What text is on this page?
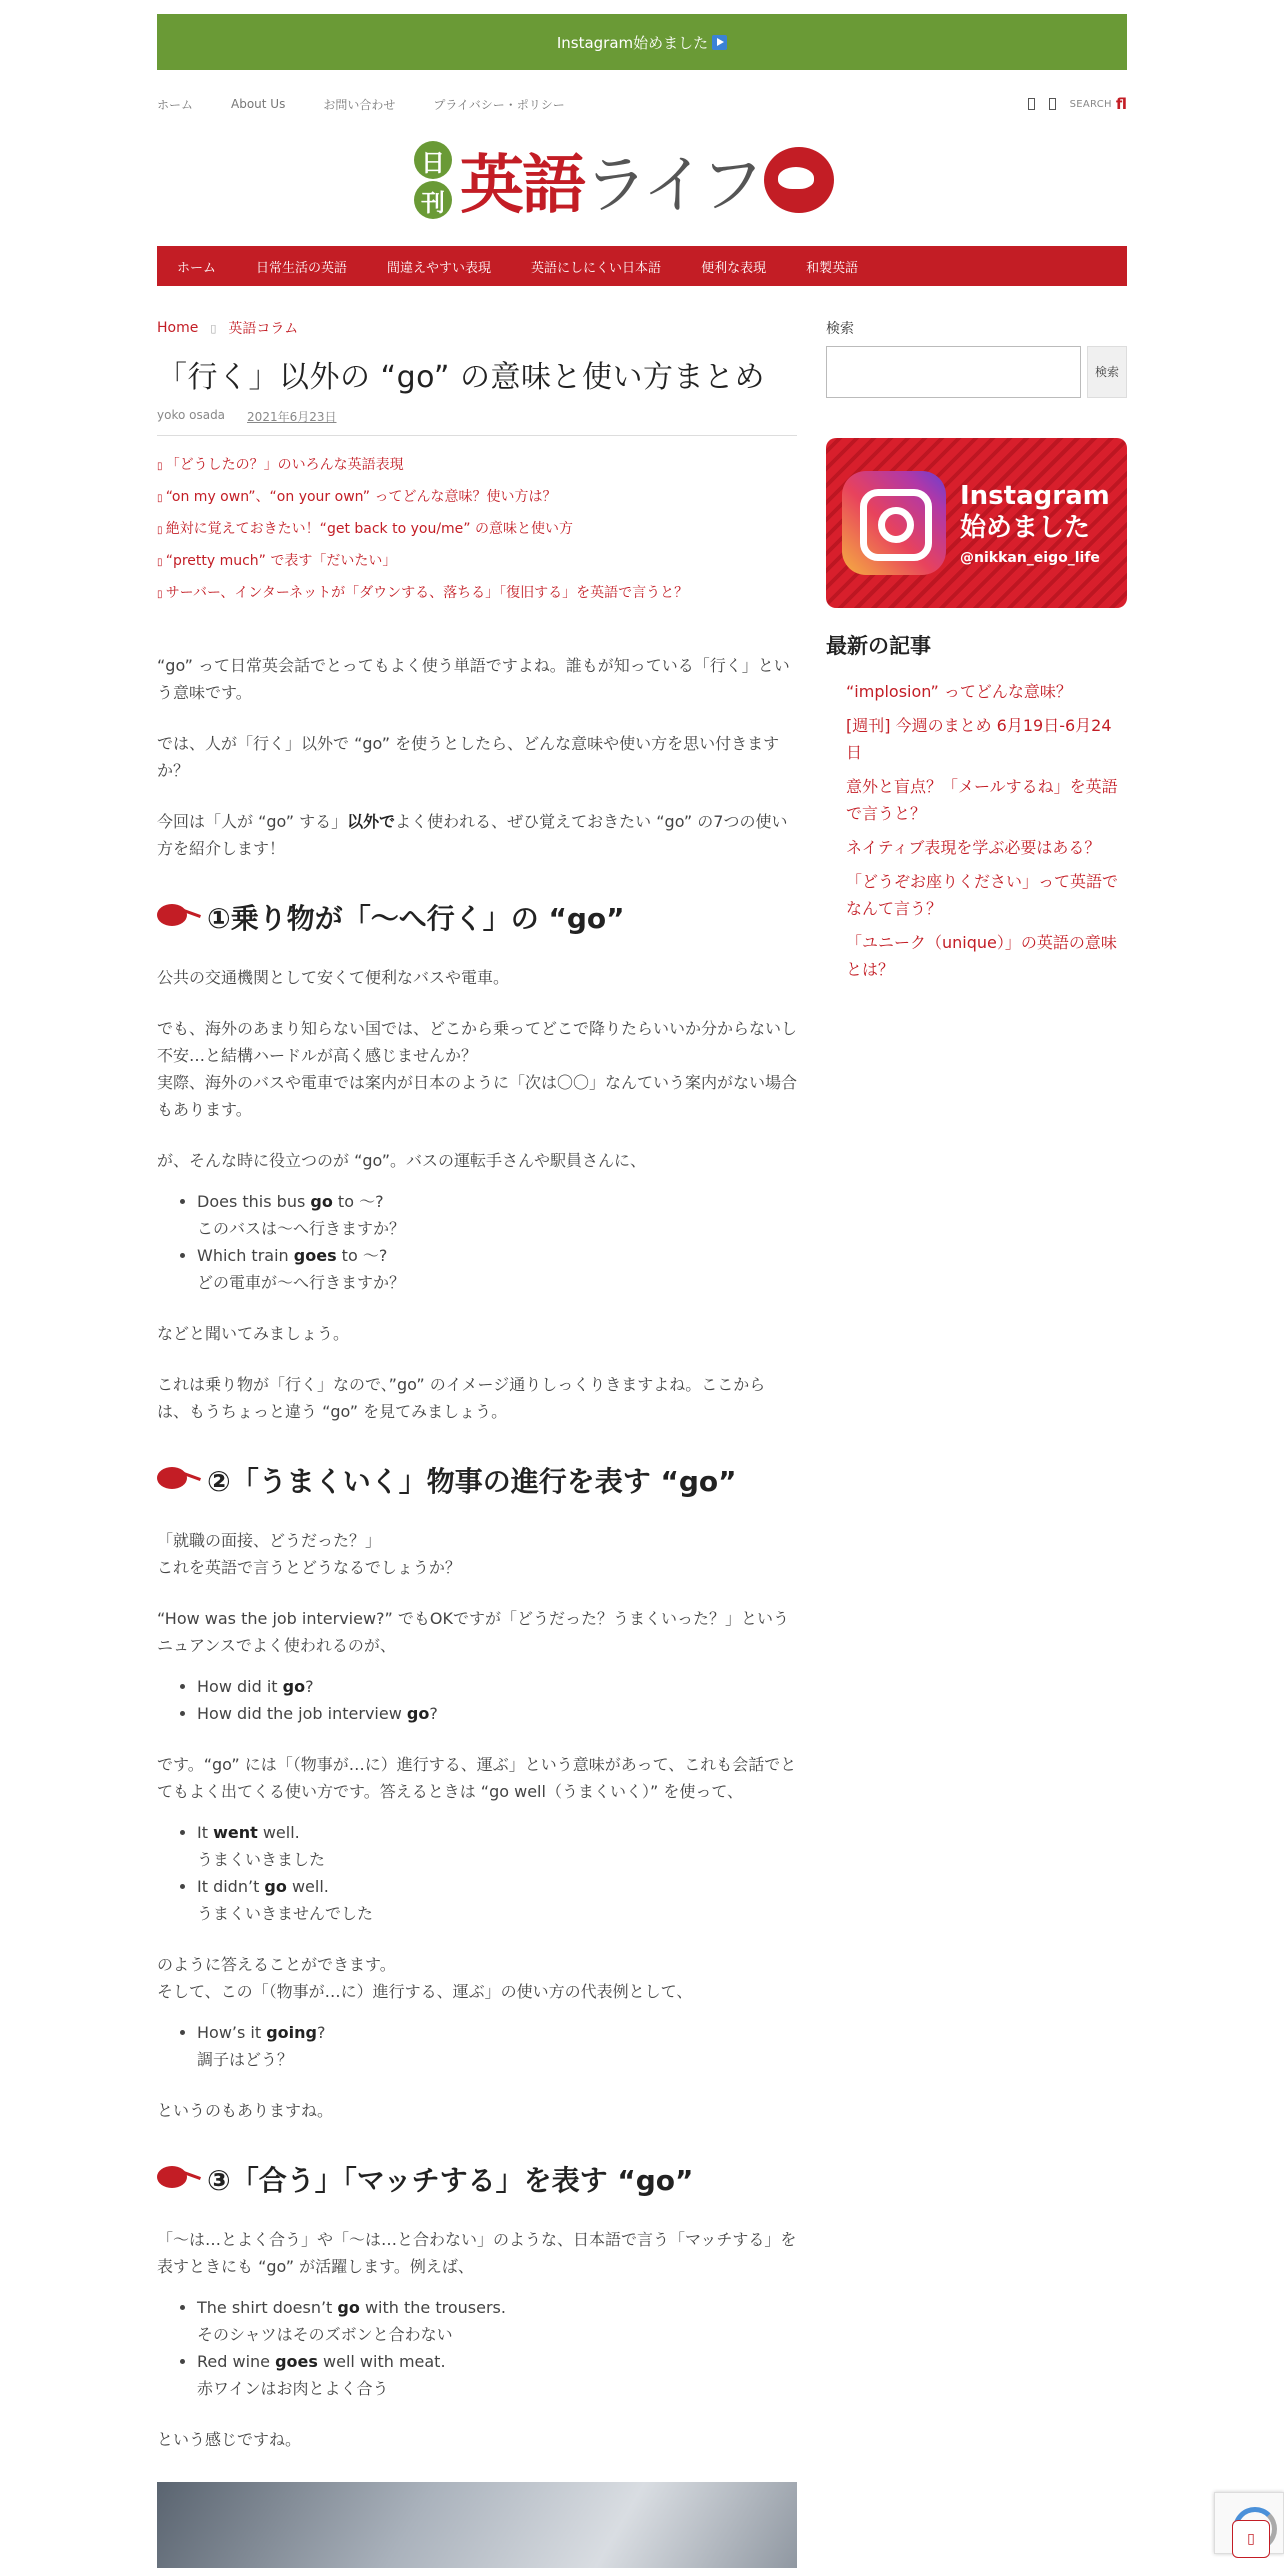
Instagram始めました
ホーム	About Us	お問い合わせ	プライバシー・ポリシー	SEARCH fl
日
刊 英語 ライフ
ホーム	日常生活の英語	間違えやすい表現	英語にしにくい日本語	便利な表現	和製英語
Home ▯ 英語コラム
「行く」以外の “go” の意味と使い方まとめ
yoko osada 2021年6月23日
▯ 「どうしたの？」のいろんな英語表現
▯ “on my own”、“on your own” ってどんな意味？使い方は？
▯ 絶対に覚えておきたい！“get back to you/me” の意味と使い方
▯ “pretty much” で表す「だいたい」
▯ サーバー、インターネットが「ダウンする、落ちる」「復旧する」を英語で言うと？

“go” って日常英会話でとってもよく使う単語ですよね。誰もが知っている「行く」という意味です。

では、人が「行く」以外で “go” を使うとしたら、どんな意味や使い方を思い付きますか？

今回は「人が “go” する」以外でよく使われる、ぜひ覚えておきたい “go” の7つの使い方を紹介します！

①乗り物が「〜へ行く」の “go”

公共の交通機関として安くて便利なバスや電車。

でも、海外のあまり知らない国では、どこから乗ってどこで降りたらいいか分からないし不安…と結構ハードルが高く感じませんか？
実際、海外のバスや電車では案内が日本のように「次は〇〇」なんていう案内がない場合もあります。

が、そんな時に役立つのが “go”。バスの運転手さんや駅員さんに、

• Does this bus go to 〜?
このバスは〜へ行きますか？
• Which train goes to 〜?
どの電車が〜へ行きますか？

などと聞いてみましょう。

これは乗り物が「行く」なので、”go” のイメージ通りしっくりきますよね。ここからは、もうちょっと違う “go” を見てみましょう。

②「うまくいく」物事の進行を表す “go”

「就職の面接、どうだった？」
これを英語で言うとどうなるでしょうか？

“How was the job interview?” でもOKですが「どうだった？うまくいった？」というニュアンスでよく使われるのが、

• How did it go?
• How did the job interview go?

です。“go” には「（物事が…に）進行する、運ぶ」という意味があって、これも会話でとてもよく出てくる使い方です。答えるときは “go well（うまくいく）” を使って、

• It went well.
うまくいきました
• It didn’t go well.
うまくいきませんでした

のように答えることができます。
そして、この「（物事が…に）進行する、運ぶ」の使い方の代表例として、

• How’s it going?
調子はどう？

というのもありますね。

③「合う」「マッチする」を表す “go”

「〜は…とよく合う」や「〜は…と合わない」のような、日本語で言う「マッチする」を表すときにも “go” が活躍します。例えば、

• The shirt doesn’t go with the trousers.
そのシャツはそのズボンと合わない
• Red wine goes well with meat.
赤ワインはお肉とよく合う

という感じですね。

検索
検索
Instagram
始めました
@nikkan_eigo_life
最新の記事
“implosion” ってどんな意味？
[週刊] 今週のまとめ 6月19日-6月24日
意外と盲点？「メールするね」を英語で言うと？
ネイティブ表現を学ぶ必要はある？
「どうぞお座りください」って英語でなんて言う？
「ユニーク（unique）」の英語の意味とは？
▯
